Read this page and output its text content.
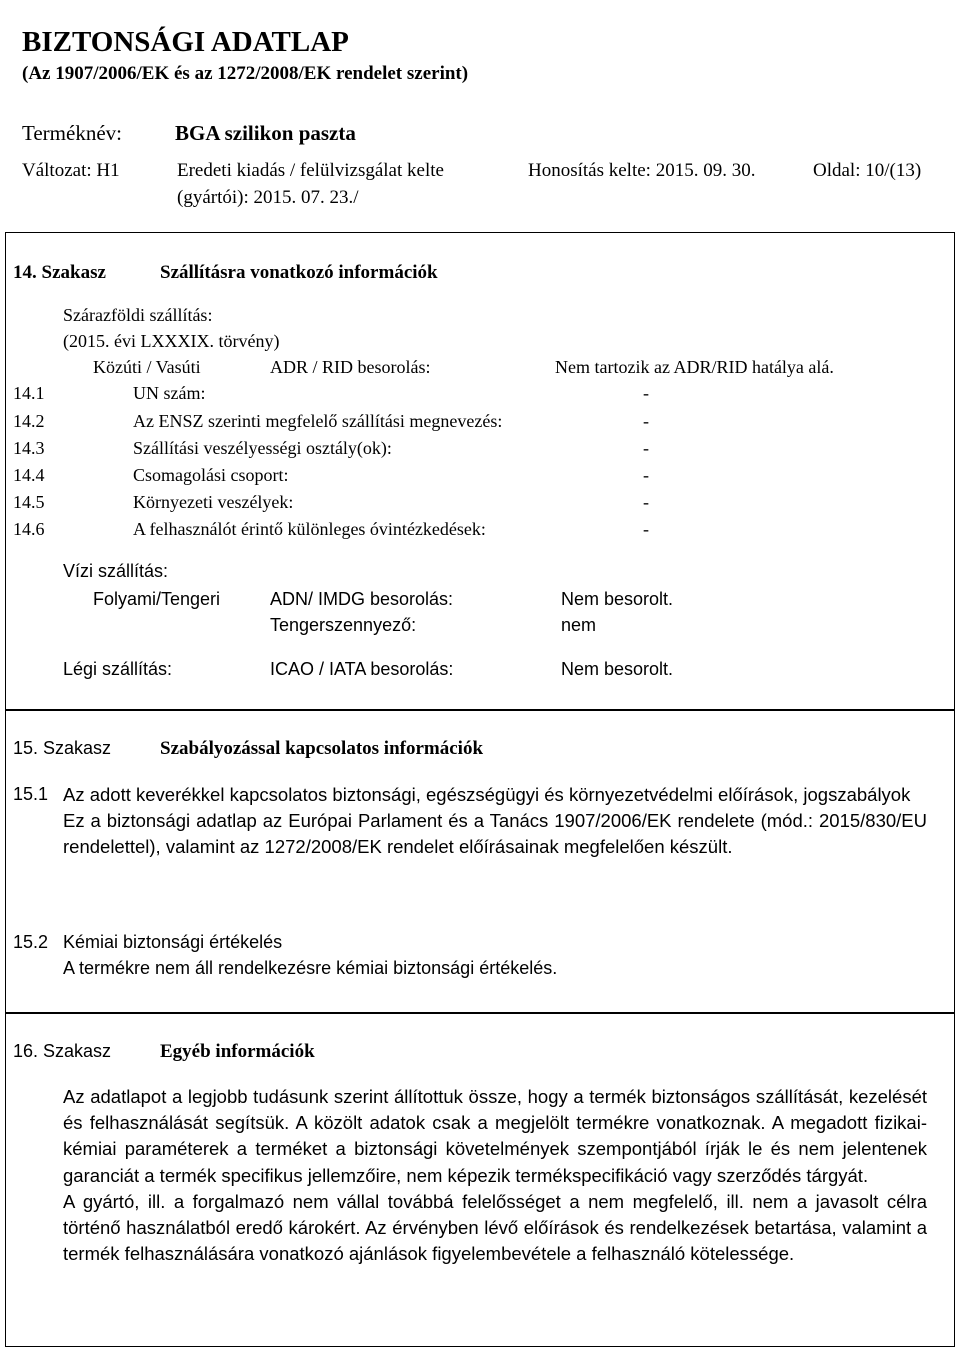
BIZTONSÁGI ADATLAP
(Az 1907/2006/EK és az 1272/2008/EK rendelet szerint)
Terméknév:	BGA szilikon paszta
Változat: H1	Eredeti kiadás / felülvizsgálat kelte
(gyártói): 2015. 07. 23./
Honosítás kelte: 2015. 09. 30.	Oldal: 10/(13)
14. Szakasz	Szállításra vonatkozó információk
Szárazföldi szállítás:
(2015. évi LXXXIX. törvény)
Közúti / Vasúti	ADR / RID besorolás:	Nem tartozik az ADR/RID hatálya alá.
14.1	UN szám:	-
14.2	Az ENSZ szerinti megfelelő szállítási megnevezés:	-
14.3	Szállítási veszélyességi osztály(ok):	-
14.4	Csomagolási csoport:	-
14.5	Környezeti veszélyek:	-
14.6	A felhasználót érintő különleges óvintézkedések:	-
Vízi szállítás:
Folyami/Tengeri	ADN/ IMDG besorolás:	Nem besorolt.
Tengerszennyező:	nem
Légi szállítás:	ICAO / IATA besorolás:	Nem besorolt.
15. Szakasz	Szabályozással kapcsolatos információk
15.1 Az adott keverékkel kapcsolatos biztonsági, egészségügyi és környezetvédelmi előírások, jogszabályok

Ez a biztonsági adatlap az Európai Parlament és a Tanács 1907/2006/EK rendelete (mód.: 2015/830/EU rendelettel), valamint az 1272/2008/EK rendelet előírásainak megfelelően készült.

15.2 Kémiai biztonsági értékelés
A termékre nem áll rendelkezésre kémiai biztonsági értékelés.
16. Szakasz	Egyéb információk

Az adatlapot a legjobb tudásunk szerint állítottuk össze, hogy a termék biztonságos szállítását, kezelését és felhasználását segítsük. A közölt adatok csak a megjelölt termékre vonatkoznak. A megadott fizikai-kémiai paraméterek a terméket a biztonsági követelmények szempontjából írják le és nem jelentenek garanciát a termék specifikus jellemzőire, nem képezik termékspecifikáció vagy szerződés tárgyát.

A gyártó, ill. a forgalmazó nem vállal továbbá felelősséget a nem megfelelő, ill. nem a javasolt célra történő használatból eredő károkért. Az érvényben lévő előírások és rendelkezések betartása, valamint a termék felhasználására vonatkozó ajánlások figyelembevétele a felhasználó kötelessége.
